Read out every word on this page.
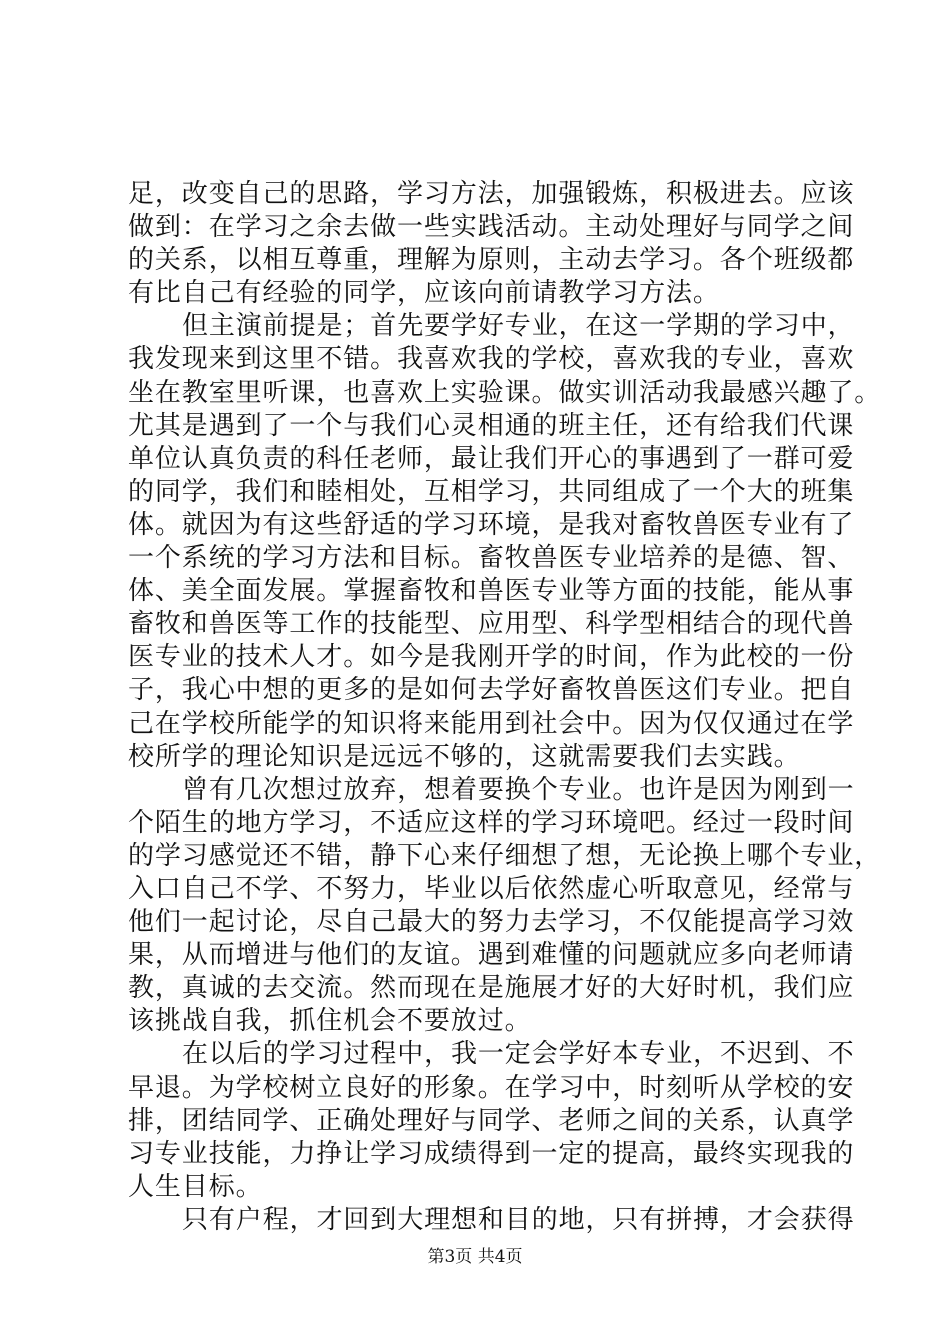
足，改变自己的思路，学习方法，加强锻炼，积极进去。应该
做到：在学习之余去做一些实践活动。主动处理好与同学之间
的关系，以相互尊重，理解为原则，主动去学习。各个班级都
有比自己有经验的同学，应该向前请教学习方法。
但主演前提是；首先要学好专业，在这一学期的学习中，
我发现来到这里不错。我喜欢我的学校，喜欢我的专业，喜欢
坐在教室里听课，也喜欢上实验课。做实训活动我最感兴趣了。
尤其是遇到了一个与我们心灵相通的班主任，还有给我们代课
单位认真负责的科任老师，最让我们开心的事遇到了一群可爱
的同学，我们和睦相处，互相学习，共同组成了一个大的班集
体。就因为有这些舒适的学习环境，是我对畜牧兽医专业有了
一个系统的学习方法和目标。畜牧兽医专业培养的是德、智、
体、美全面发展。掌握畜牧和兽医专业等方面的技能，能从事
畜牧和兽医等工作的技能型、应用型、科学型相结合的现代兽
医专业的技术人才。如今是我刚开学的时间，作为此校的一份
子，我心中想的更多的是如何去学好畜牧兽医这们专业。把自
己在学校所能学的知识将来能用到社会中。因为仅仅通过在学
校所学的理论知识是远远不够的，这就需要我们去实践。
曾有几次想过放弃，想着要换个专业。也许是因为刚到一
个陌生的地方学习，不适应这样的学习环境吧。经过一段时间
的学习感觉还不错，静下心来仔细想了想，无论换上哪个专业，
入口自己不学、不努力，毕业以后依然虚心听取意见，经常与
他们一起讨论，尽自己最大的努力去学习，不仅能提高学习效
果，从而增进与他们的友谊。遇到难懂的问题就应多向老师请
教，真诚的去交流。然而现在是施展才好的大好时机，我们应
该挑战自我，抓住机会不要放过。
在以后的学习过程中，我一定会学好本专业，不迟到、不
早退。为学校树立良好的形象。在学习中，时刻听从学校的安
排，团结同学、正确处理好与同学、老师之间的关系，认真学
习专业技能，力挣让学习成绩得到一定的提高，最终实现我的
人生目标。
只有户程，才回到大理想和目的地，只有拼搏，才会获得
第3页 共4页
